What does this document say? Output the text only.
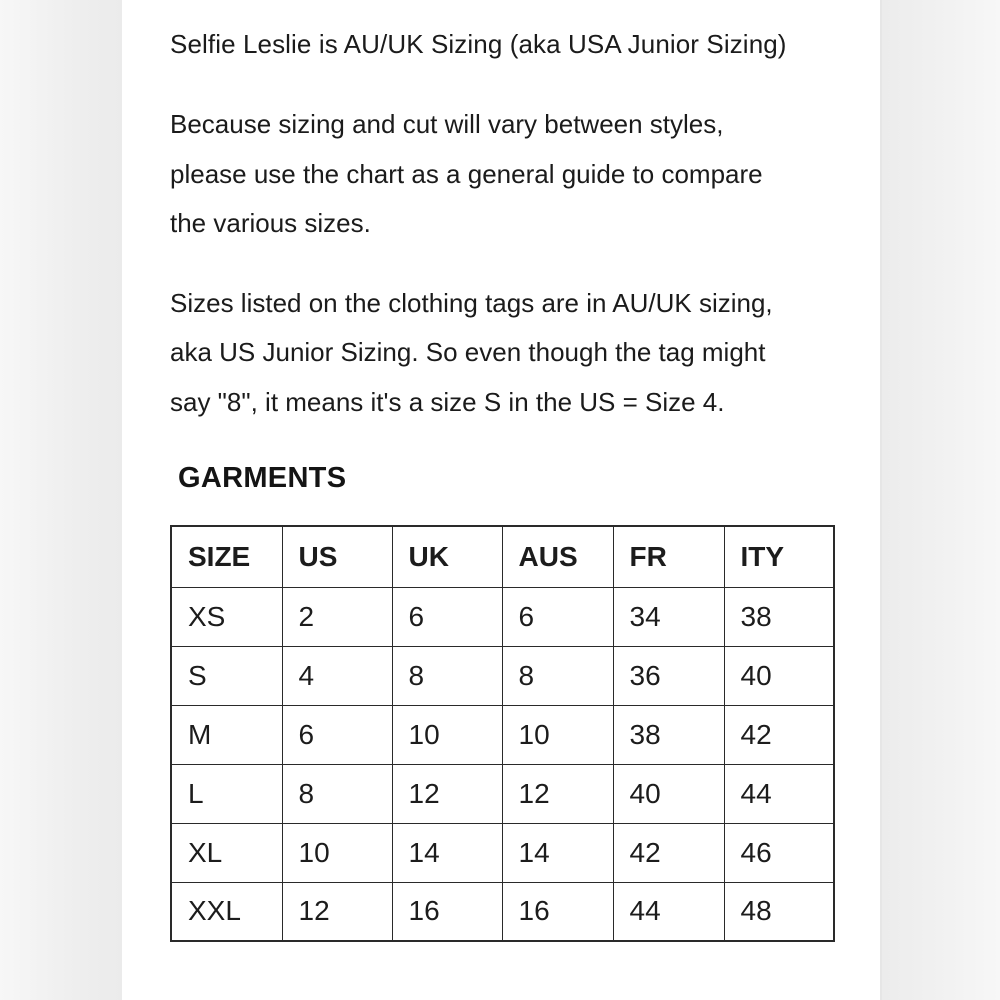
Selfie Leslie is AU/UK Sizing (aka USA Junior Sizing)

Because sizing and cut will vary between styles,
please use the chart as a general guide to compare
the various sizes.

Sizes listed on the clothing tags are in AU/UK sizing,
aka US Junior Sizing. So even though the tag might
say "8", it means it's a size S in the US = Size 4.

GARMENTS
SIZE	US	UK	AUS	FR	ITY
XS	2	6	6	34	38
S	4	8	8	36	40
M	6	10	10	38	42
L	8	12	12	40	44
XL	10	14	14	42	46
XXL	12	16	16	44	48
